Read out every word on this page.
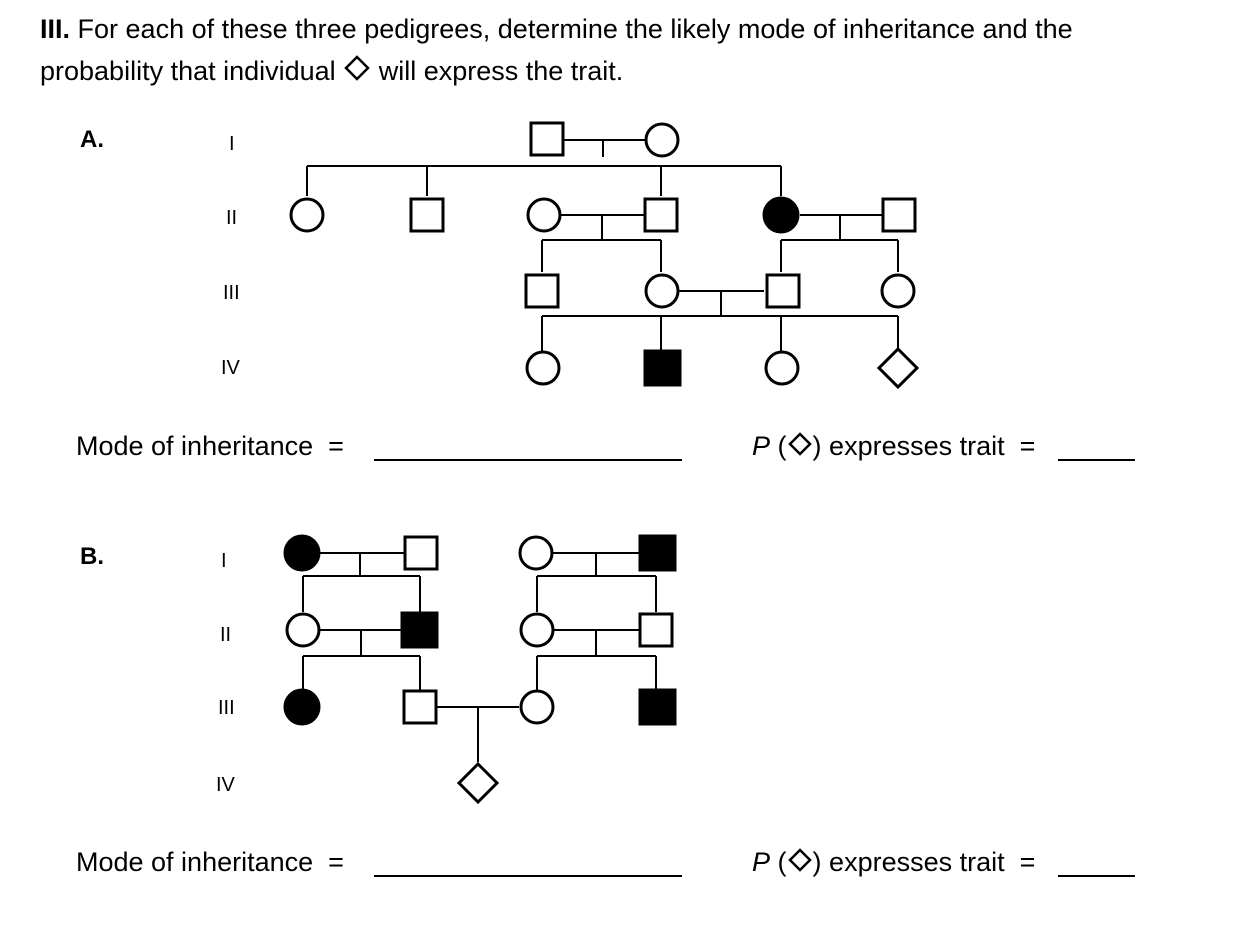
III. For each of these three pedigrees, determine the likely mode of inheritance and the
probability that individual will express the trait.
A.	I
II
III
IV
B.	I
II
III
IV
Mode of inheritance =	P ( ) expresses trait =
Mode of inheritance =	P ( ) expresses trait =
